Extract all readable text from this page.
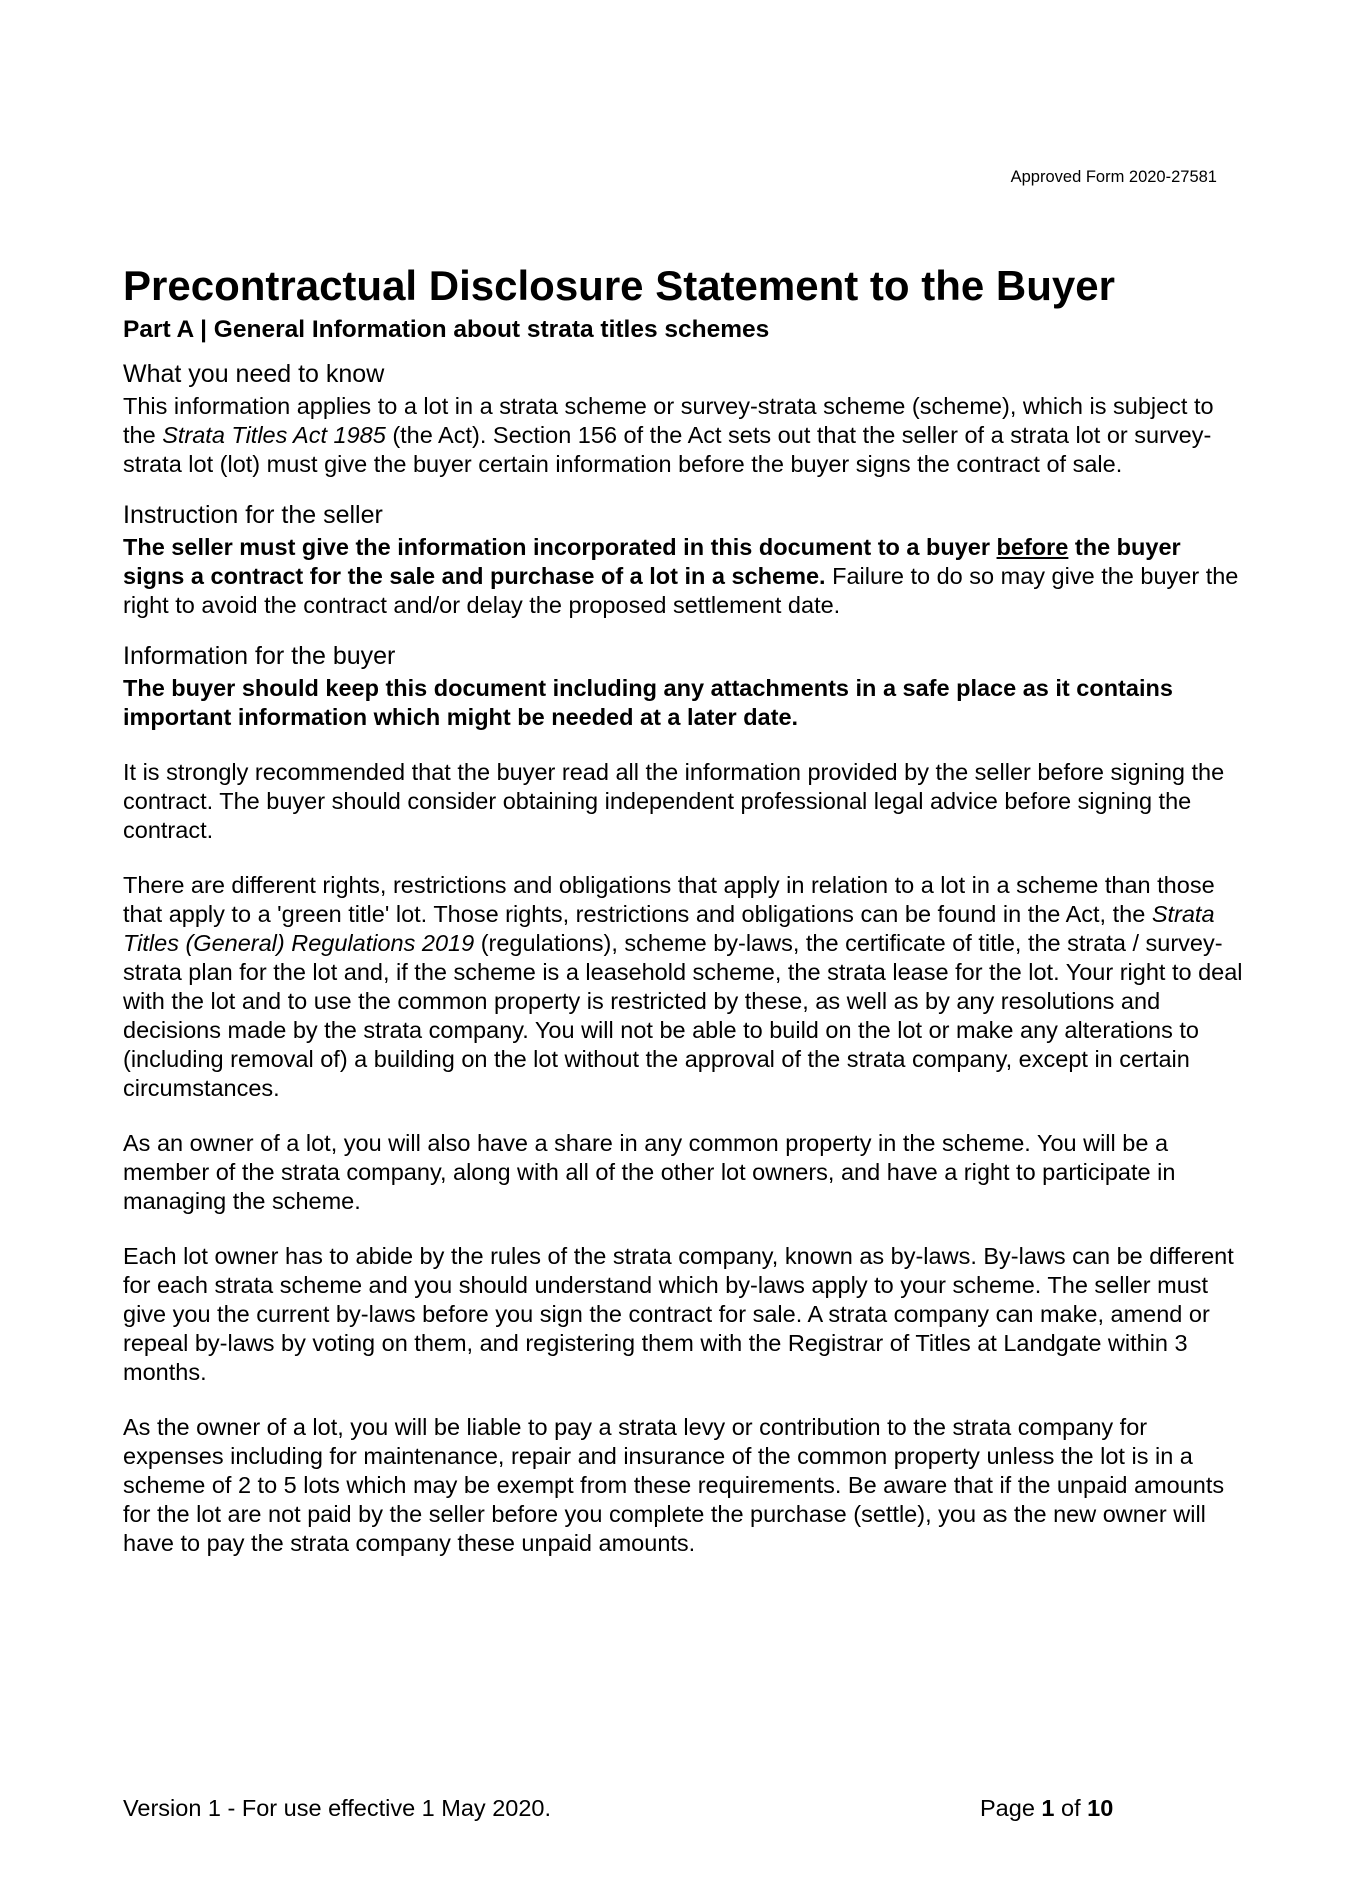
Approved Form 2020-27581
Precontractual Disclosure Statement to the Buyer
Part A | General Information about strata titles schemes
What you need to know

This information applies to a lot in a strata scheme or survey-strata scheme (scheme), which is subject to the Strata Titles Act 1985 (the Act). Section 156 of the Act sets out that the seller of a strata lot or survey-strata lot (lot) must give the buyer certain information before the buyer signs the contract of sale.

Instruction for the seller

The seller must give the information incorporated in this document to a buyer before the buyer signs a contract for the sale and purchase of a lot in a scheme. Failure to do so may give the buyer the right to avoid the contract and/or delay the proposed settlement date.

Information for the buyer

The buyer should keep this document including any attachments in a safe place as it contains important information which might be needed at a later date.

It is strongly recommended that the buyer read all the information provided by the seller before signing the contract. The buyer should consider obtaining independent professional legal advice before signing the contract.

There are different rights, restrictions and obligations that apply in relation to a lot in a scheme than those that apply to a 'green title' lot. Those rights, restrictions and obligations can be found in the Act, the Strata Titles (General) Regulations 2019 (regulations), scheme by-laws, the certificate of title, the strata / survey-strata plan for the lot and, if the scheme is a leasehold scheme, the strata lease for the lot. Your right to deal with the lot and to use the common property is restricted by these, as well as by any resolutions and decisions made by the strata company. You will not be able to build on the lot or make any alterations to (including removal of) a building on the lot without the approval of the strata company, except in certain circumstances.

As an owner of a lot, you will also have a share in any common property in the scheme. You will be a member of the strata company, along with all of the other lot owners, and have a right to participate in managing the scheme.

Each lot owner has to abide by the rules of the strata company, known as by-laws. By-laws can be different for each strata scheme and you should understand which by-laws apply to your scheme. The seller must give you the current by-laws before you sign the contract for sale. A strata company can make, amend or repeal by-laws by voting on them, and registering them with the Registrar of Titles at Landgate within 3 months.

As the owner of a lot, you will be liable to pay a strata levy or contribution to the strata company for expenses including for maintenance, repair and insurance of the common property unless the lot is in a scheme of 2 to 5 lots which may be exempt from these requirements. Be aware that if the unpaid amounts for the lot are not paid by the seller before you complete the purchase (settle), you as the new owner will have to pay the strata company these unpaid amounts.

Version 1 - For use effective 1 May 2020.	Page 1 of 10
